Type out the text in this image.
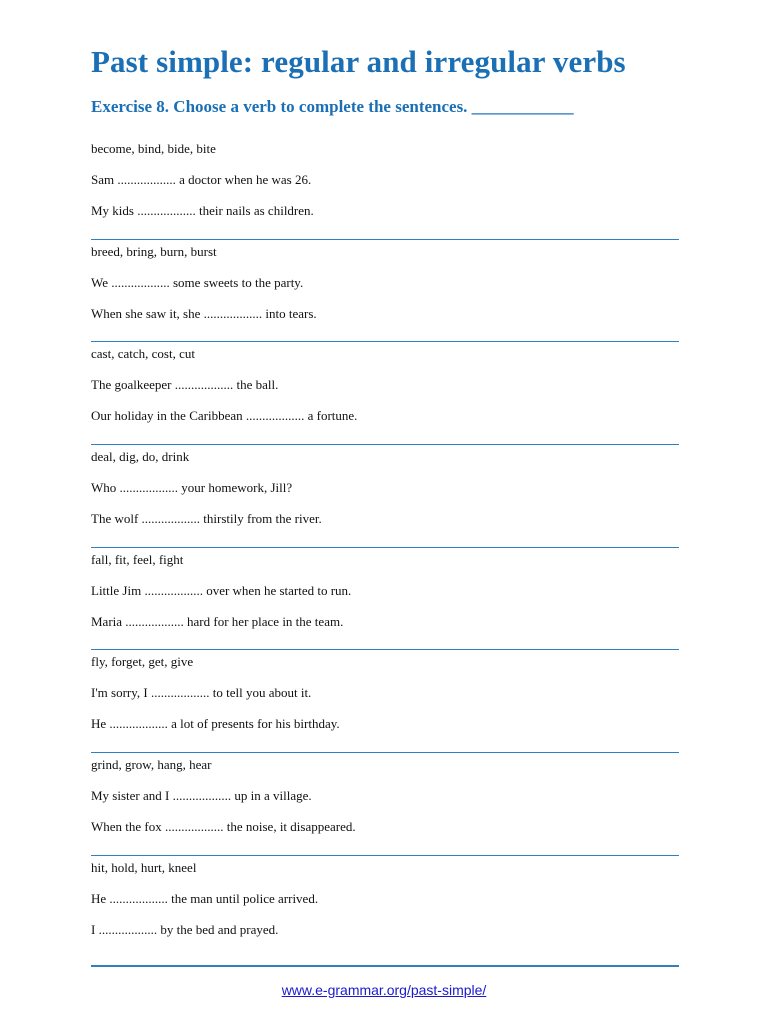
Past simple: regular and irregular verbs
Exercise 8. Choose a verb to complete the sentences. ____________
become, bind, bide, bite
Sam .................. a doctor when he was 26.
My kids .................. their nails as children.
breed, bring, burn, burst
We .................. some sweets to the party.
When she saw it, she .................. into tears.
cast, catch, cost, cut
The goalkeeper .................. the ball.
Our holiday in the Caribbean .................. a fortune.
deal, dig, do, drink
Who .................. your homework, Jill?
The wolf .................. thirstily from the river.
fall, fit, feel, fight
Little Jim .................. over when he started to run.
Maria .................. hard for her place in the team.
fly, forget, get, give
I'm sorry, I .................. to tell you about it.
He .................. a lot of presents for his birthday.
grind, grow, hang, hear
My sister and I .................. up in a village.
When the fox .................. the noise, it disappeared.
hit, hold, hurt, kneel
He .................. the man until police arrived.
I .................. by the bed and prayed.
www.e-grammar.org/past-simple/
